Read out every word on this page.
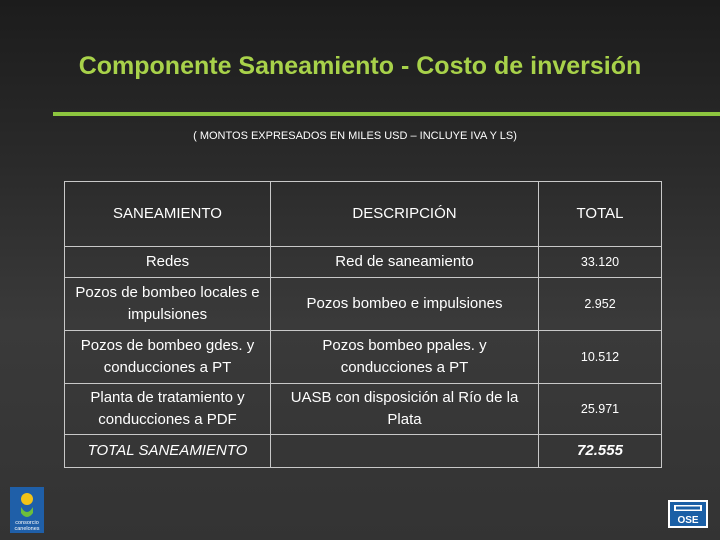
Componente Saneamiento - Costo de inversión
( MONTOS EXPRESADOS EN MILES USD – INCLUYE IVA Y LS)
SANEAMIENTO	DESCRIPCIÓN	TOTAL
Redes	Red de saneamiento	33.120
Pozos de bombeo locales e impulsiones	Pozos bombeo e impulsiones	2.952
Pozos de bombeo gdes. y conducciones a PT	Pozos bombeo ppales. y conducciones a PT	10.512
Planta de tratamiento y conducciones a PDF	UASB con disposición al Río de la Plata	25.971
TOTAL SANEAMIENTO		72.555
consorcio
canelones
OSE
